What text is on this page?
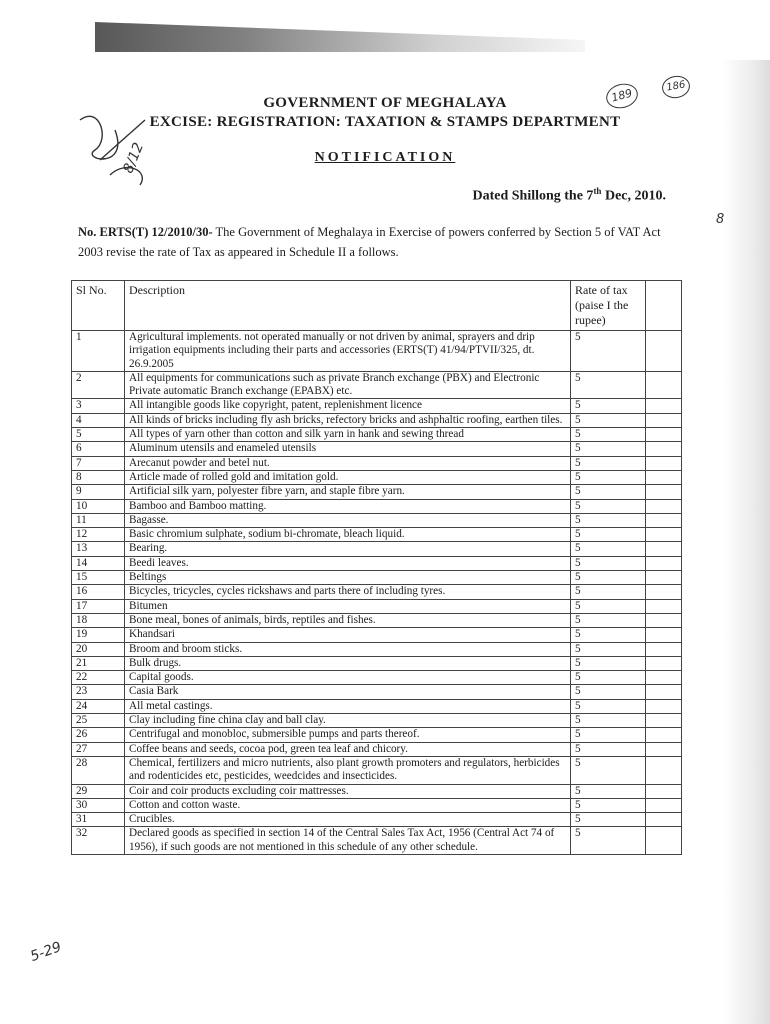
8/12
189
186
5-29
8
GOVERNMENT OF MEGHALAYA
EXCISE: REGISTRATION: TAXATION & STAMPS DEPARTMENT
NOTIFICATION
Dated Shillong the 7th Dec, 2010.
No. ERTS(T) 12/2010/30- The Government of Meghalaya in Exercise of powers conferred by Section 5 of VAT Act 2003 revise the rate of Tax as appeared in Schedule II a follows.
Sl No.	Description	Rate of tax (paise I the rupee)	
1	Agricultural implements. not operated manually or not driven by animal, sprayers and drip irrigation equipments including their parts and accessories (ERTS(T) 41/94/PTVII/325, dt. 26.9.2005	5	
2	All equipments for communications such as private Branch exchange (PBX) and Electronic Private automatic Branch exchange (EPABX) etc.	5	
3	All intangible goods like copyright, patent, replenishment licence	5	
4	All kinds of bricks including fly ash bricks, refectory bricks and ashphaltic roofing, earthen tiles.	5	
5	All types of yarn other than cotton and silk yarn in hank and sewing thread	5	
6	Aluminum utensils and enameled utensils	5	
7	Arecanut powder and betel nut.	5	
8	Article made of rolled gold and imitation gold.	5	
9	Artificial silk yarn, polyester fibre yarn, and staple fibre yarn.	5	
10	Bamboo and Bamboo matting.	5	
11	Bagasse.	5	
12	Basic chromium sulphate, sodium bi-chromate, bleach liquid.	5	
13	Bearing.	5	
14	Beedi leaves.	5	
15	Beltings	5	
16	Bicycles, tricycles, cycles rickshaws and parts there of including tyres.	5	
17	Bitumen	5	
18	Bone meal, bones of animals, birds, reptiles and fishes.	5	
19	Khandsari	5	
20	Broom and broom sticks.	5	
21	Bulk drugs.	5	
22	Capital goods.	5	
23	Casia Bark	5	
24	All metal castings.	5	
25	Clay including fine china clay and ball clay.	5	
26	Centrifugal and monobloc, submersible pumps and parts thereof.	5	
27	Coffee beans and seeds, cocoa pod, green tea leaf and chicory.	5	
28	Chemical, fertilizers and micro nutrients, also plant growth promoters and regulators, herbicides and rodenticides etc, pesticides, weedcides and insecticides.	5	
29	Coir and coir products excluding coir mattresses.	5	
30	Cotton and cotton waste.	5	
31	Crucibles.	5	
32	Declared goods as specified in section 14 of the Central Sales Tax Act, 1956 (Central Act 74 of 1956), if such goods are not mentioned in this schedule of any other schedule.	5	
